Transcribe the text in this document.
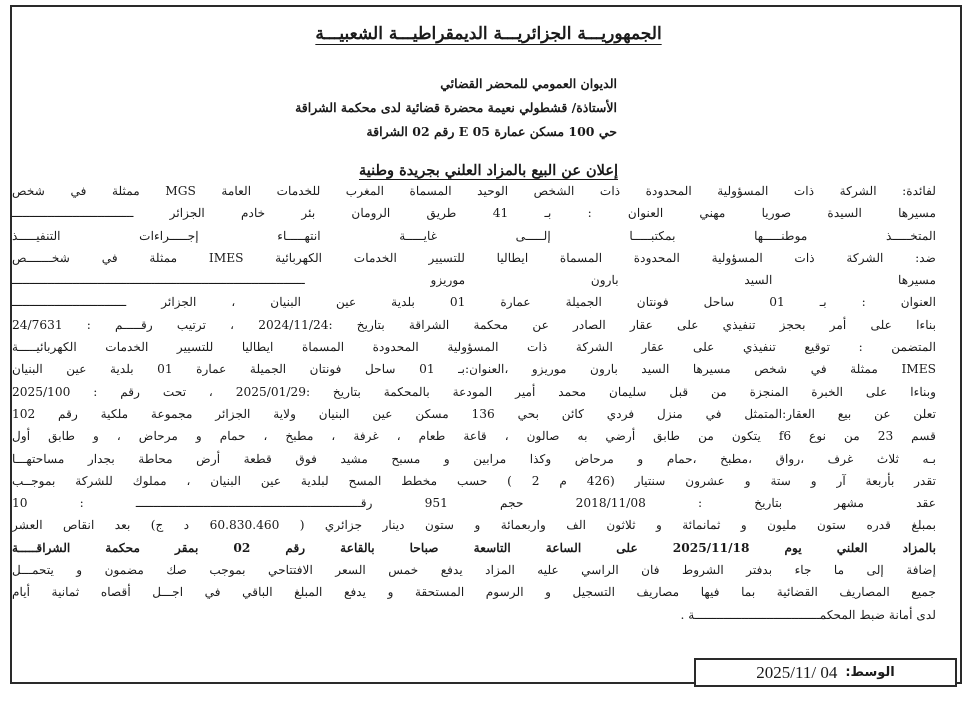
الجمهوريـــة الجزائريـــة الديمقراطيـــة الشعبيـــة
الديوان العمومي للمحضر القضائي
الأستاذة/ قشطولي نعيمة محضرة قضائية لدى محكمة الشراقة
حي 100 مسكن عمارة E 05 رقم 02 الشراقة
إعلان عن البيع بالمزاد العلني بجريدة وطنية
لفائدة: الشركة ذات المسؤولية المحدودة ذات الشخص الوحيد المسماة المغرب للخدمات العامة MGS ممثلة في شخص
مسيرها السيدة صوريا مهني العنوان : بـ 41 طريق الرومان بئر خادم الجزائر ــــــــــــــــــــــــــــــــــ
المتخـــــذ موطنـــــها بمكتبـــــا إلـــــى غايـــــة انتهـــــاء إجـــــراءات التنفيـــــذ
ضد: الشركة ذات المسؤولية المحدودة المسماة ايطاليا للتسيير الخدمات الكهربائية IMES ممثلة في شخـــــــص
مسيرها السيد بارون موريزو ــــــــــــــــــــــــــــــــــــــــــــــــــــــــــــــــــــــــــــــــــ
العنوان : بـ 01 ساحل فونتان الجميلة عمارة 01 بلدية عين البنيان ، الجزائر ــــــــــــــــــــــــــــــــ
بناءا على أمر بحجز تنفيذي على عقار الصادر عن محكمة الشراقة بتاريخ :2024/11/24 ، ترتيب رقـــــم : 24/7631
المتضمن : توقيع تنفيذي على عقار الشركة ذات المسؤولية المحدودة المسماة ايطاليا للتسيير الخدمات الكهربائيـــــة
IMES ممثلة في شخص مسيرها السيد بارون موريزو ،العنوان:بـ 01 ساحل فونتان الجميلة عمارة 01 بلدية عين البنيان
وبناءا على الخبرة المنجزة من قبل سليمان محمد أمير المودعة بالمحكمة بتاريخ :2025/01/29 ، تحت رقم : 2025/100
تعلن عن بيع العقار:المتمثل في منزل فردي كائن بحي 136 مسكن عين البنيان ولاية الجزائر مجموعة ملكية رقم 102
قسم 23 من نوع f6 يتكون من طابق أرضي به صالون ، قاعة طعام ، غرفة ، مطبخ ، حمام و مرحاض ، و طابق أول
بـه ثلاث غرف ،رواق ،مطبخ ،حمام و مرحاض وكذا مرابين و مسبح مشيد فوق قطعة أرض محاطة بجدار مساحتهـــا
تقدر بأربعة آر و ستة و عشرون سنتيار (426 م 2 ) حسب مخطط المسح لبلدية عين البنيان ، مملوك للشركة بموجــب
عقد مشهر بتاريخ : 2018/11/08 حجم 951 رقـــــــــــــــــــــــــــــــــــــــــــــــــــــــــــــــ : 10
بمبلغ قدره ستون مليون و ثمانمائة و ثلاثون الف واربعمائة و ستون دينار جزائري ( 60.830.460 د ج) بعد انقاص العشر
بالمزاد العلني يوم 2025/11/18 على الساعة التاسعة صباحا بالقاعة رقم 02 بمقر محكمة الشراقـــــة
إضافة إلى ما جاء بدفتر الشروط فان الراسي عليه المزاد يدفع خمس السعر الافتتاحي بموجب صك مضمون و يتحمـــل
جميع المصاريف القضائية بما فيها مصاريف التسجيل و الرسوم المستحقة و يدفع المبلغ الباقي في اجـــل أقصاه ثمانية أيام
لدى أمانة ضبط المحكمـــــــــــــــــــــــــــــــــــة .
الوسط:
2025/11/ 04
